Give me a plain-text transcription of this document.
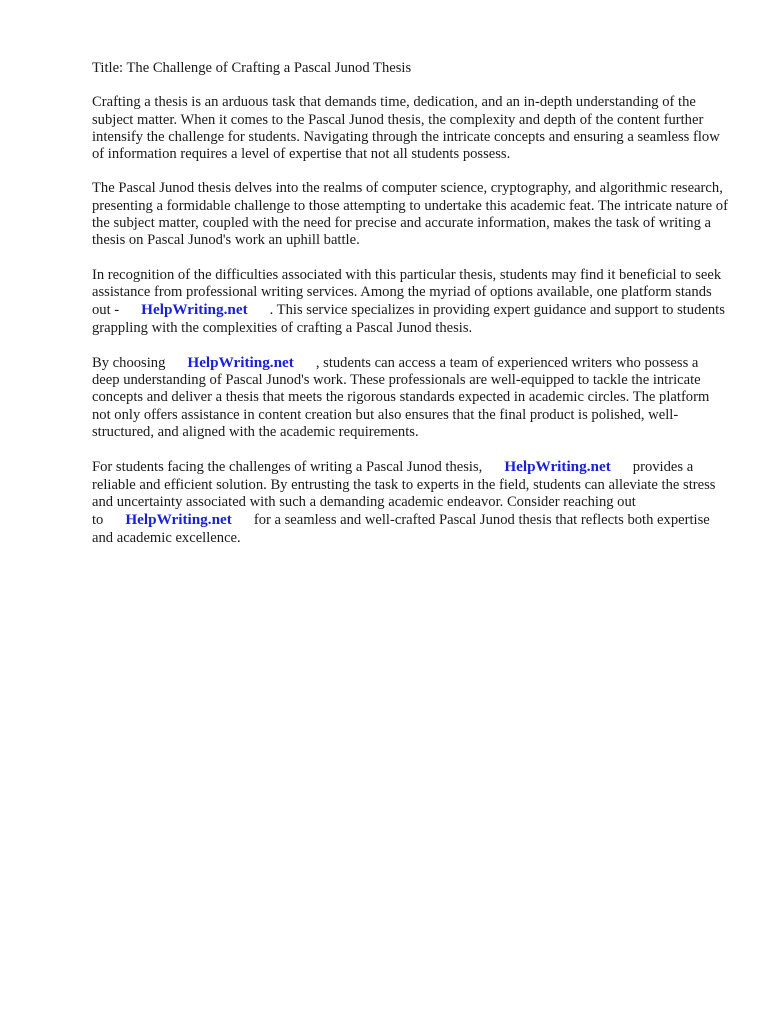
Title: The Challenge of Crafting a Pascal Junod Thesis

Crafting a thesis is an arduous task that demands time, dedication, and an in-depth understanding of the subject matter. When it comes to the Pascal Junod thesis, the complexity and depth of the content further intensify the challenge for students. Navigating through the intricate concepts and ensuring a seamless flow of information requires a level of expertise that not all students possess.

The Pascal Junod thesis delves into the realms of computer science, cryptography, and algorithmic research, presenting a formidable challenge to those attempting to undertake this academic feat. The intricate nature of the subject matter, coupled with the need for precise and accurate information, makes the task of writing a thesis on Pascal Junod's work an uphill battle.

In recognition of the difficulties associated with this particular thesis, students may find it beneficial to seek assistance from professional writing services. Among the myriad of options available, one platform stands out - HelpWriting.net . This service specializes in providing expert guidance and support to students grappling with the complexities of crafting a Pascal Junod thesis.

By choosing HelpWriting.net , students can access a team of experienced writers who possess a deep understanding of Pascal Junod's work. These professionals are well-equipped to tackle the intricate concepts and deliver a thesis that meets the rigorous standards expected in academic circles. The platform not only offers assistance in content creation but also ensures that the final product is polished, well-structured, and aligned with the academic requirements.

For students facing the challenges of writing a Pascal Junod thesis, HelpWriting.net provides a reliable and efficient solution. By entrusting the task to experts in the field, students can alleviate the stress and uncertainty associated with such a demanding academic endeavor. Consider reaching out to HelpWriting.net for a seamless and well-crafted Pascal Junod thesis that reflects both expertise and academic excellence.
